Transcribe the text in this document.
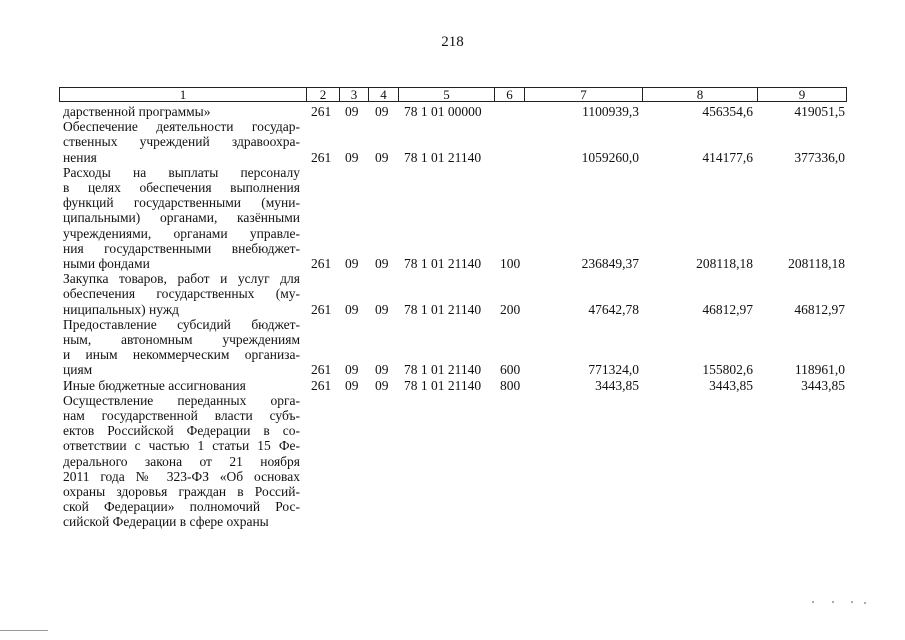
218
1	2	3	4	5	6	7	8	9
дарственной программы»	261 09 09 78 1 01 00000	1100939,3	456354,6	419051,5
Обеспечение деятельности государ-
ственных учреждений здравоохра-
нения	261 09 09 78 1 01 21140	1059260,0	414177,6	377336,0
Расходы на выплаты персоналу
в целях обеспечения выполнения
функций государственными (муни-
ципальными) органами, казёнными
учреждениями, органами управле-
ния государственными внебюджет-
ными фондами	261 09 09 78 1 01 21140 100	236849,37	208118,18	208118,18
Закупка товаров, работ и услуг для
обеспечения государственных (му-
ниципальных) нужд	261 09 09 78 1 01 21140 200	47642,78	46812,97	46812,97
Предоставление субсидий бюджет-
ным, автономным учреждениям
и иным некоммерческим организа-
циям	261 09 09 78 1 01 21140 600	771324,0	155802,6	118961,0
Иные бюджетные ассигнования	261 09 09 78 1 01 21140 800	3443,85	3443,85	3443,85
Осуществление переданных орга-
нам государственной власти субъ-
ектов Российской Федерации в со-
ответствии с частью 1 статьи 15 Фе-
дерального закона от 21 ноября
2011 года № 323-ФЗ «Об основах
охраны здоровья граждан в Россий-
ской Федерации» полномочий Рос-
сийской Федерации в сфере охраны
